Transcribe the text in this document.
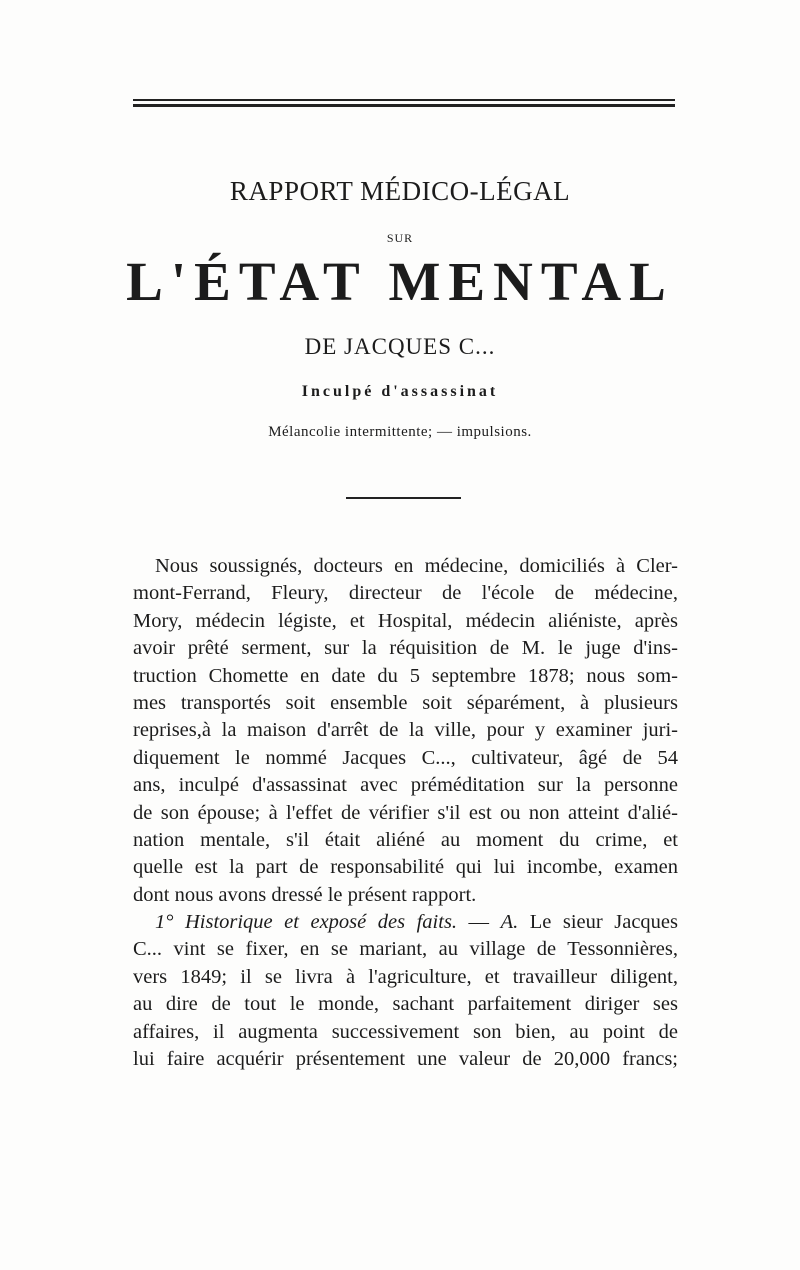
RAPPORT MÉDICO-LÉGAL
SUR
L'ÉTAT MENTAL
DE JACQUES C...
Inculpé d'assassinat
Mélancolie intermittente; — impulsions.
Nous soussignés, docteurs en médecine, domiciliés à Cler-
mont-Ferrand, Fleury, directeur de l'école de médecine,
Mory, médecin légiste, et Hospital, médecin aliéniste, après
avoir prêté serment, sur la réquisition de M. le juge d'ins-
truction Chomette en date du 5 septembre 1878; nous som-
mes transportés soit ensemble soit séparément, à plusieurs
reprises,à la maison d'arrêt de la ville, pour y examiner juri-
diquement le nommé Jacques C..., cultivateur, âgé de 54
ans, inculpé d'assassinat avec préméditation sur la personne
de son épouse; à l'effet de vérifier s'il est ou non atteint d'alié-
nation mentale, s'il était aliéné au moment du crime, et
quelle est la part de responsabilité qui lui incombe, examen
dont nous avons dressé le présent rapport.
1° Historique et exposé des faits. — A. Le sieur Jacques
C... vint se fixer, en se mariant, au village de Tessonnières,
vers 1849; il se livra à l'agriculture, et travailleur diligent,
au dire de tout le monde, sachant parfaitement diriger ses
affaires, il augmenta successivement son bien, au point de
lui faire acquérir présentement une valeur de 20,000 francs;
